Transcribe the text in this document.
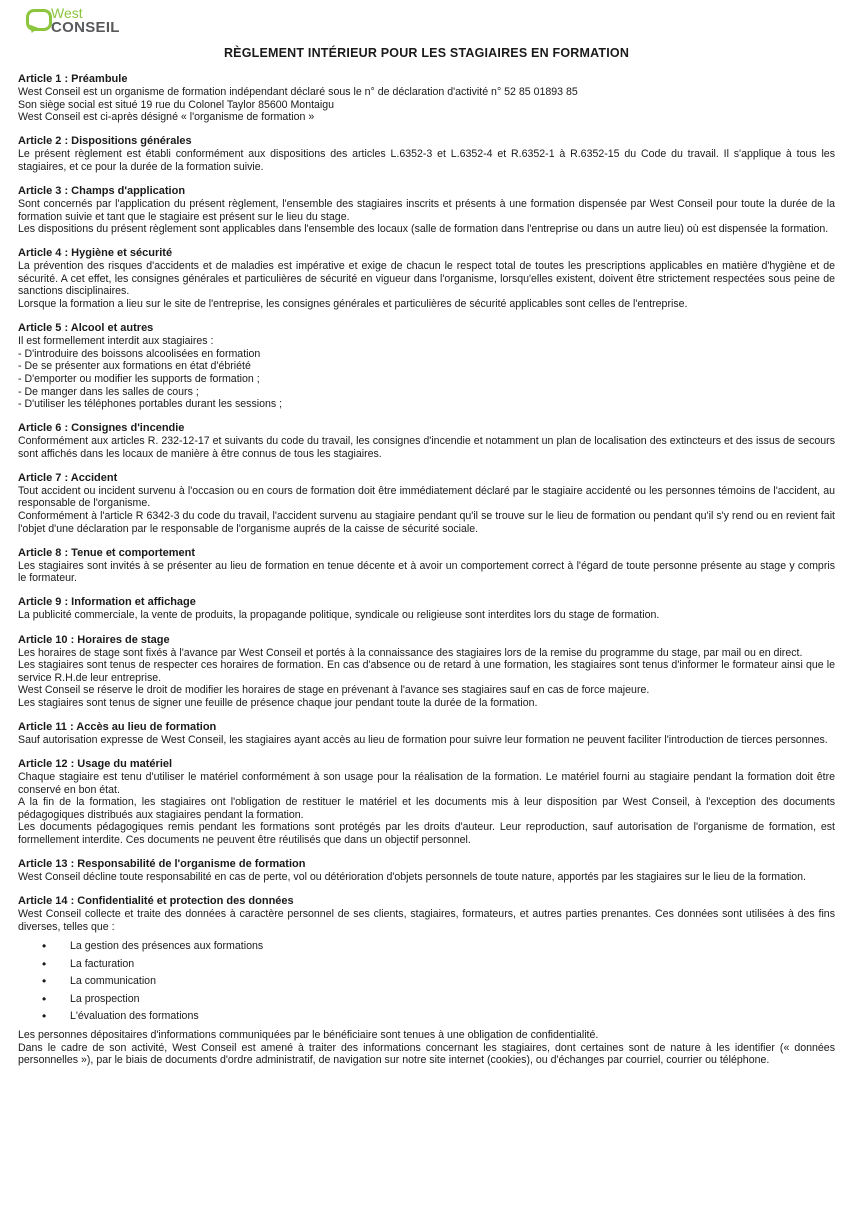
West
CONSEIL
RÈGLEMENT INTÉRIEUR POUR LES STAGIAIRES EN FORMATION
Article 1 : Préambule

West Conseil est un organisme de formation indépendant déclaré sous le n° de déclaration d'activité n° 52 85 01893 85

Son siège social est situé 19 rue du Colonel Taylor 85600 Montaigu

West Conseil est ci-après désigné « l'organisme de formation »

Article 2 : Dispositions générales

Le présent règlement est établi conformément aux dispositions des articles L.6352-3 et L.6352-4 et R.6352-1 à R.6352-15 du Code du travail. Il s'applique à tous les stagiaires, et ce pour la durée de la formation suivie.

Article 3 : Champs d'application

Sont concernés par l'application du présent règlement, l'ensemble des stagiaires inscrits et présents à une formation dispensée par West Conseil pour toute la durée de la formation suivie et tant que le stagiaire est présent sur le lieu du stage.

Les dispositions du présent règlement sont applicables dans l'ensemble des locaux (salle de formation dans l'entreprise ou dans un autre lieu) où est dispensée la formation.

Article 4 : Hygiène et sécurité

La prévention des risques d'accidents et de maladies est impérative et exige de chacun le respect total de toutes les prescriptions applicables en matière d'hygiène et de sécurité. A cet effet, les consignes générales et particulières de sécurité en vigueur dans l'organisme, lorsqu'elles existent, doivent être strictement respectées sous peine de sanctions disciplinaires.

Lorsque la formation a lieu sur le site de l'entreprise, les consignes générales et particulières de sécurité applicables sont celles de l'entreprise.

Article 5 : Alcool et autres

Il est formellement interdit aux stagiaires :

- D'introduire des boissons alcoolisées en formation

- De se présenter aux formations en état d'ébriété

- D'emporter ou modifier les supports de formation ;

- De manger dans les salles de cours ;

- D'utiliser les téléphones portables durant les sessions ;

Article 6 : Consignes d'incendie

Conformément aux articles R. 232-12-17 et suivants du code du travail, les consignes d'incendie et notamment un plan de localisation des extincteurs et des issus de secours sont affichés dans les locaux de manière à être connus de tous les stagiaires.

Article 7 : Accident

Tout accident ou incident survenu à l'occasion ou en cours de formation doit être immédiatement déclaré par le stagiaire accidenté ou les personnes témoins de l'accident, au responsable de l'organisme.

Conformément à l'article R 6342-3 du code du travail, l'accident survenu au stagiaire pendant qu'il se trouve sur le lieu de formation ou pendant qu'il s'y rend ou en revient fait l'objet d'une déclaration par le responsable de l'organisme auprés de la caisse de sécurité sociale.

Article 8 : Tenue et comportement

Les stagiaires sont invités à se présenter au lieu de formation en tenue décente et à avoir un comportement correct à l'égard de toute personne présente au stage y compris le formateur.

Article 9 : Information et affichage

La publicité commerciale, la vente de produits, la propagande politique, syndicale ou religieuse sont interdites lors du stage de formation.

Article 10 : Horaires de stage

Les horaires de stage sont fixés à l'avance par West Conseil et portés à la connaissance des stagiaires lors de la remise du programme du stage, par mail ou en direct.

Les stagiaires sont tenus de respecter ces horaires de formation. En cas d'absence ou de retard à une formation, les stagiaires sont tenus d'informer le formateur ainsi que le service R.H.de leur entreprise.

West Conseil se réserve le droit de modifier les horaires de stage en prévenant à l'avance ses stagiaires sauf en cas de force majeure.

Les stagiaires sont tenus de signer une feuille de présence chaque jour pendant toute la durée de la formation.

Article 11 : Accès au lieu de formation

Sauf autorisation expresse de West Conseil, les stagiaires ayant accès au lieu de formation pour suivre leur formation ne peuvent faciliter l'introduction de tierces personnes.

Article 12 : Usage du matériel

Chaque stagiaire est tenu d'utiliser le matériel conformément à son usage pour la réalisation de la formation. Le matériel fourni au stagiaire pendant la formation doit être conservé en bon état.

A la fin de la formation, les stagiaires ont l'obligation de restituer le matériel et les documents mis à leur disposition par West Conseil, à l'exception des documents pédagogiques distribués aux stagiaires pendant la formation.

Les documents pédagogiques remis pendant les formations sont protégés par les droits d'auteur. Leur reproduction, sauf autorisation de l'organisme de formation, est formellement interdite. Ces documents ne peuvent être réutilisés que dans un objectif personnel.

Article 13 : Responsabilité de l'organisme de formation

West Conseil décline toute responsabilité en cas de perte, vol ou détérioration d'objets personnels de toute nature, apportés par les stagiaires sur le lieu de la formation.

Article 14 : Confidentialité et protection des données

West Conseil collecte et traite des données à caractère personnel de ses clients, stagiaires, formateurs, et autres parties prenantes. Ces données sont utilisées à des fins diverses, telles que :

• La gestion des présences aux formations
• La facturation
• La communication
• La prospection
• L'évaluation des formations

Les personnes dépositaires d'informations communiquées par le bénéficiaire sont tenues à une obligation de confidentialité.

Dans le cadre de son activité, West Conseil est amené à traiter des informations concernant les stagiaires, dont certaines sont de nature à les identifier (« données personnelles »), par le biais de documents d'ordre administratif, de navigation sur notre site internet (cookies), ou d'échanges par courriel, courrier ou téléphone.
